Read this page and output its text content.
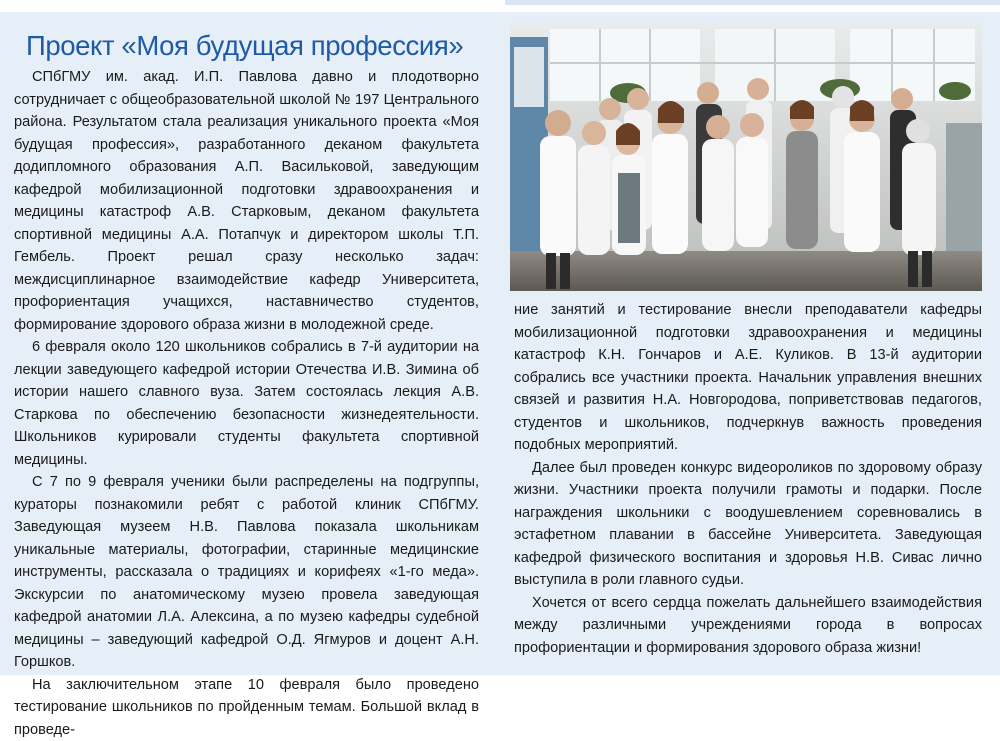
Проект «Моя будущая профессия»

СПбГМУ им. акад. И.П. Павлова давно и плодотворно сотрудничает с общеобразовательной школой № 197 Центрального района. Результатом стала реализация уникального проекта «Моя будущая профессия», разработанного деканом факультета додипломного образования А.П. Васильковой, заведующим кафедрой мобилизационной подготовки здравоохранения и медицины катастроф А.В. Старковым, деканом факультета спортивной медицины А.А. Потапчук и директором школы Т.П. Гембель. Проект решал сразу несколько задач: междисциплинарное взаимодействие кафедр Университета, профориентация учащихся, наставничество студентов, формирование здорового образа жизни в молодежной среде.

6 февраля около 120 школьников собрались в 7-й аудитории на лекции заведующего кафедрой истории Отечества И.В. Зимина об истории нашего славного вуза. Затем состоялась лекция А.В. Старкова по обеспечению безопасности жизнедеятельности. Школьников курировали студенты факультета спортивной медицины.

С 7 по 9 февраля ученики были распределены на подгруппы, кураторы познакомили ребят с работой клиник СПбГМУ. Заведующая музеем Н.В. Павлова показала школьникам уникальные материалы, фотографии, старинные медицинские инструменты, рассказала о традициях и корифеях «1-го меда». Экскурсии по анатомическому музею провела заведующая кафедрой анатомии Л.А. Алексина, а по музею кафедры судебной медицины – заведующий кафедрой О.Д. Ягмуров и доцент А.Н. Горшков.

На заключительном этапе 10 февраля было проведено тестирование школьников по пройденным темам. Большой вклад в проведе-

ние занятий и тестирование внесли преподаватели кафедры мобилизационной подготовки здравоохранения и медицины катастроф К.Н. Гончаров и А.Е. Куликов. В 13-й аудитории собрались все участники проекта. Начальник управления внешних связей и развития Н.А. Новгородова, поприветствовав педагогов, студентов и школьников, подчеркнув важность проведения подобных мероприятий.

Далее был проведен конкурс видеороликов по здоровому образу жизни. Участники проекта получили грамоты и подарки. После награждения школьники с воодушевлением соревновались в эстафетном плавании в бассейне Университета. Заведующая кафедрой физического воспитания и здоровья Н.В. Сивас лично выступила в роли главного судьи.

Хочется от всего сердца пожелать дальнейшего взаимодействия между различными учреждениями города в вопросах профориентации и формирования здорового образа жизни!
